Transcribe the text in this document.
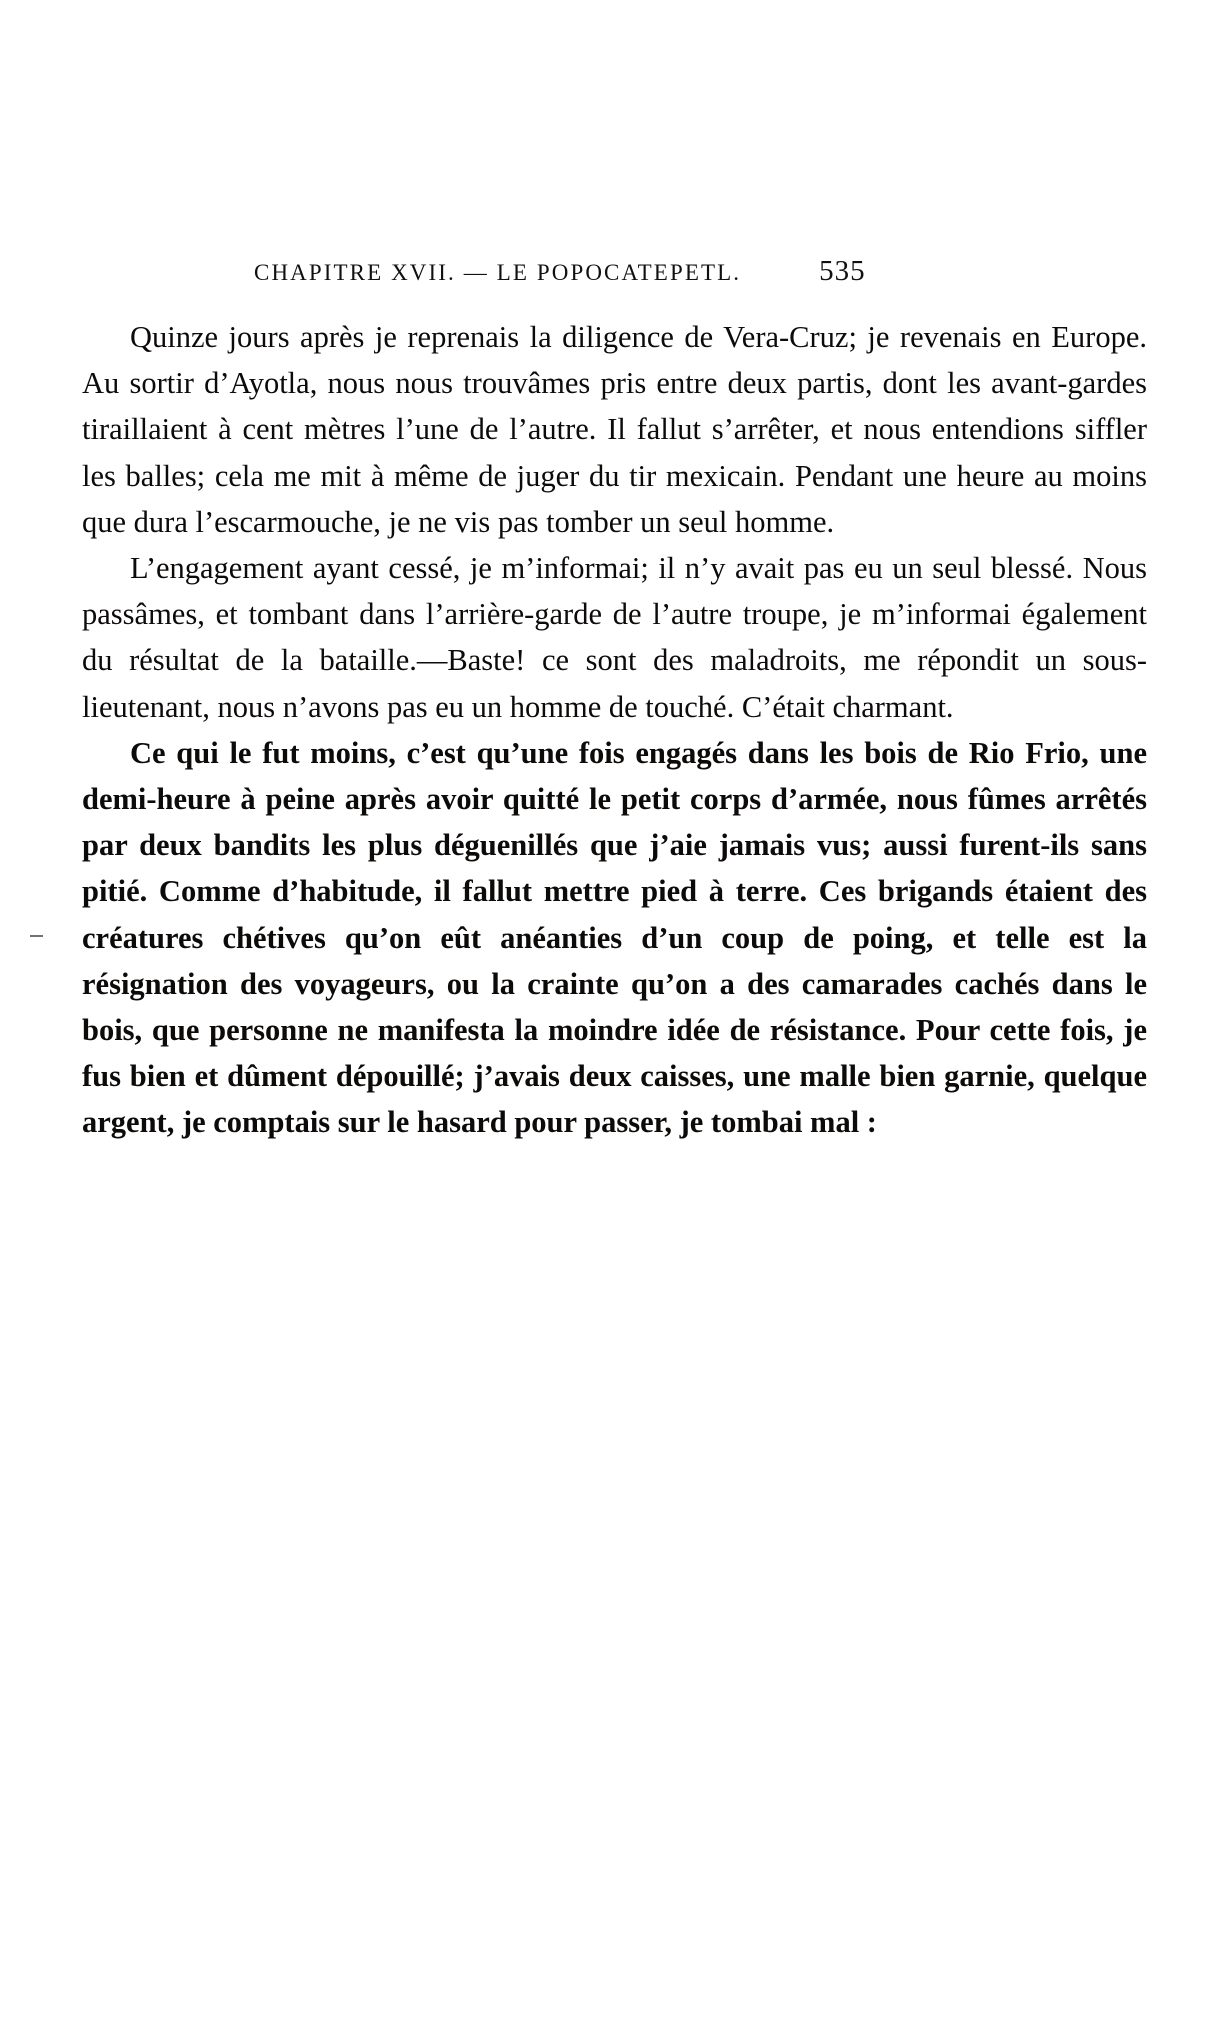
CHAPITRE XVII. — LE POPOCATEPETL.	535

Quinze jours après je reprenais la diligence de Vera-Cruz; je revenais en Europe. Au sortir d’Ayotla, nous nous trouvâmes pris entre deux partis, dont les avant-gardes tiraillaient à cent mètres l’une de l’autre. Il fallut s’arrêter, et nous entendions siffler les balles; cela me mit à même de juger du tir mexicain. Pendant une heure au moins que dura l’escarmouche, je ne vis pas tomber un seul homme.

L’engagement ayant cessé, je m’informai; il n’y avait pas eu un seul blessé. Nous passâmes, et tombant dans l’arrière-garde de l’autre troupe, je m’informai également du résultat de la bataille.—Baste! ce sont des maladroits, me répondit un sous-lieutenant, nous n’avons pas eu un homme de touché. C’était charmant.

Ce qui le fut moins, c’est qu’une fois engagés dans les bois de Rio Frio, une demi-heure à peine après avoir quitté le petit corps d’armée, nous fûmes arrêtés par deux bandits les plus déguenillés que j’aie jamais vus; aussi furent-ils sans pitié. Comme d’habitude, il fallut mettre pied à terre. Ces brigands étaient des créatures chétives qu’on eût anéanties d’un coup de poing, et telle est la résignation des voyageurs, ou la crainte qu’on a des camarades cachés dans le bois, que personne ne manifesta la moindre idée de résistance. Pour cette fois, je fus bien et dûment dépouillé; j’avais deux caisses, une malle bien garnie, quelque argent, je comptais sur le hasard pour passer, je tombai mal :
